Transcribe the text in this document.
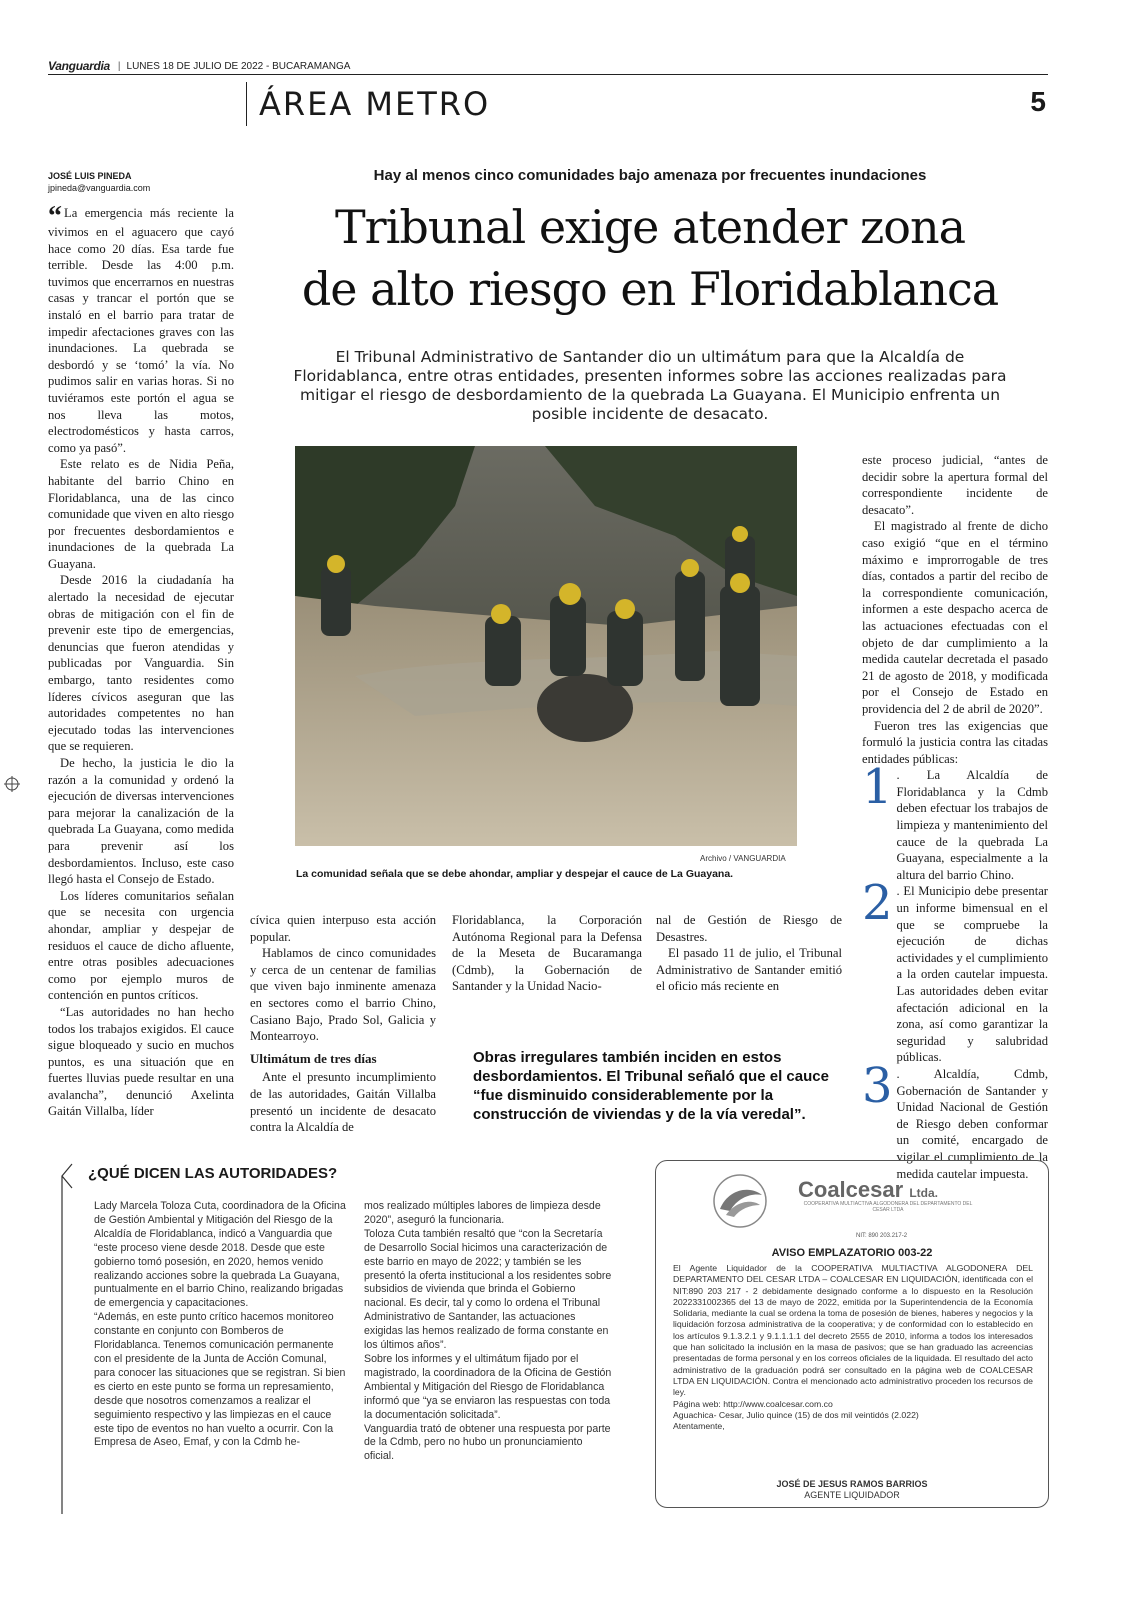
Vanguardia | LUNES 18 DE JULIO DE 2022 - BUCARAMANGA
ÁREA METRO	5
JOSÉ LUIS PINEDA
jpineda@vanguardia.com
Hay al menos cinco comunidades bajo amenaza por frecuentes inundaciones
Tribunal exige atender zona
de alto riesgo en Floridablanca
El Tribunal Administrativo de Santander dio un ultimátum para que la Alcaldía de Floridablanca, entre otras entidades, presenten informes sobre las acciones realizadas para mitigar el riesgo de desbordamiento de la quebrada La Guayana. El Municipio enfrenta un posible incidente de desacato.

“ La emergencia más reciente la vivimos en el aguacero que cayó hace como 20 días. Esa tarde fue terrible. Desde las 4:00 p.m. tuvimos que encerrarnos en nuestras casas y trancar el portón que se instaló en el barrio para tratar de impedir afectaciones graves con las inundaciones. La quebrada se desbordó y se ‘tomó’ la vía. No pudimos salir en varias horas. Si no tuviéramos este portón el agua se nos lleva las motos, electrodomésticos y hasta carros, como ya pasó”.

Este relato es de Nidia Peña, habitante del barrio Chino en Floridablanca, una de las cinco comunidade que viven en alto riesgo por frecuentes desbordamientos e inundaciones de la quebrada La Guayana.

Desde 2016 la ciudadanía ha alertado la necesidad de ejecutar obras de mitigación con el fin de prevenir este tipo de emergencias, denuncias que fueron atendidas y publicadas por Vanguardia. Sin embargo, tanto residentes como líderes cívicos aseguran que las autoridades competentes no han ejecutado todas las intervenciones que se requieren.

De hecho, la justicia le dio la razón a la comunidad y ordenó la ejecución de diversas intervenciones para mejorar la canalización de la quebrada La Guayana, como medida para prevenir así los desbordamientos. Incluso, este caso llegó hasta el Consejo de Estado.

Los líderes comunitarios señalan que se necesita con urgencia ahondar, ampliar y despejar de residuos el cauce de dicho afluente, entre otras posibles adecuaciones como por ejemplo muros de contención en puntos críticos.

“Las autoridades no han hecho todos los trabajos exigidos. El cauce sigue bloqueado y sucio en muchos puntos, es una situación que en fuertes lluvias puede resultar en una avalancha”, denunció Axelinta Gaitán Villalba, líder

Archivo / VANGUARDIA
La comunidad señala que se debe ahondar, ampliar y despejar el cauce de La Guayana.

cívica quien interpuso esta acción popular.

Hablamos de cinco comunidades y cerca de un centenar de familias que viven bajo inminente amenaza en sectores como el barrio Chino, Casiano Bajo, Prado Sol, Galicia y Montearroyo.

Ultimátum de tres días

Ante el presunto incumplimiento de las autoridades, Gaitán Villalba presentó un incidente de desacato contra la Alcaldía de

Floridablanca, la Corporación Autónoma Regional para la Defensa de la Meseta de Bucaramanga (Cdmb), la Gobernación de Santander y la Unidad Nacio-

nal de Gestión de Riesgo de Desastres.

El pasado 11 de julio, el Tribunal Administrativo de Santander emitió el oficio más reciente en

Obras irregulares también inciden en estos desbordamientos. El Tribunal señaló que el cauce “fue disminuido considerablemente por la construcción de viviendas y de la vía veredal”.

este proceso judicial, “antes de decidir sobre la apertura formal del correspondiente incidente de desacato”.

El magistrado al frente de dicho caso exigió “que en el término máximo e improrrogable de tres días, contados a partir del recibo de la correspondiente comunicación, informen a este despacho acerca de las actuaciones efectuadas con el objeto de dar cumplimiento a la medida cautelar decretada el pasado 21 de agosto de 2018, y modificada por el Consejo de Estado en providencia del 2 de abril de 2020”.

Fueron tres las exigencias que formuló la justicia contra las citadas entidades públicas:

1 . La Alcaldía de Floridablanca y la Cdmb deben efectuar los trabajos de limpieza y mantenimiento del cauce de la quebrada La Guayana, especialmente a la altura del barrio Chino.
2 . El Municipio debe presentar un informe bimensual en el que se compruebe la ejecución de dichas actividades y el cumplimiento a la orden cautelar impuesta. Las autoridades deben evitar afectación adicional en la zona, así como garantizar la seguridad y salubridad públicas.
3 . Alcaldía, Cdmb, Gobernación de Santander y Unidad Nacional de Gestión de Riesgo deben conformar un comité, encargado de vigilar el cumplimiento de la medida cautelar impuesta.
¿QUÉ DICEN LAS AUTORIDADES?

Lady Marcela Toloza Cuta, coordinadora de la Oficina de Gestión Ambiental y Mitigación del Riesgo de la Alcaldía de Floridablanca, indicó a Vanguardia que “este proceso viene desde 2018. Desde que este gobierno tomó posesión, en 2020, hemos venido realizando acciones sobre la quebrada La Guayana, puntualmente en el barrio Chino, realizando brigadas de emergencia y capacitaciones.

“Además, en este punto crítico hacemos monitoreo constante en conjunto con Bomberos de Floridablanca. Tenemos comunicación permanente con el presidente de la Junta de Acción Comunal, para conocer las situaciones que se registran. Si bien es cierto en este punto se forma un represamiento, desde que nosotros comenzamos a realizar el seguimiento respectivo y las limpiezas en el cauce este tipo de eventos no han vuelto a ocurrir. Con la Empresa de Aseo, Emaf, y con la Cdmb he-

mos realizado múltiples labores de limpieza desde 2020”, aseguró la funcionaria.

Toloza Cuta también resaltó que “con la Secretaría de Desarrollo Social hicimos una caracterización de este barrio en mayo de 2022; y también se les presentó la oferta institucional a los residentes sobre subsidios de vivienda que brinda el Gobierno nacional. Es decir, tal y como lo ordena el Tribunal Administrativo de Santander, las actuaciones exigidas las hemos realizado de forma constante en los últimos años”.

Sobre los informes y el ultimátum fijado por el magistrado, la coordinadora de la Oficina de Gestión Ambiental y Mitigación del Riesgo de Floridablanca informó que “ya se enviaron las respuestas con toda la documentación solicitada”.

Vanguardia trató de obtener una respuesta por parte de la Cdmb, pero no hubo un pronunciamiento oficial.

Coalcesar Ltda.
COOPERATIVA MULTIACTIVA ALGODONERA DEL DEPARTAMENTO DEL CESAR LTDA
NIT: 890 203.217-2
AVISO EMPLAZATORIO 003-22
El Agente Liquidador de la COOPERATIVA MULTIACTIVA ALGODONERA DEL DEPARTAMENTO DEL CESAR LTDA – COALCESAR EN LIQUIDACIÓN, identificada con el NIT:890 203 217 - 2 debidamente designado conforme a lo dispuesto en la Resolución 2022331002365 del 13 de mayo de 2022, emitida por la Superintendencia de la Economía Solidaria, mediante la cual se ordena la toma de posesión de bienes, haberes y negocios y la liquidación forzosa administrativa de la cooperativa; y de conformidad con lo establecido en los artículos 9.1.3.2.1 y 9.1.1.1.1 del decreto 2555 de 2010, informa a todos los interesados que han solicitado la inclusión en la masa de pasivos; que se han graduado las acreencias presentadas de forma personal y en los correos oficiales de la liquidada. El resultado del acto administrativo de la graduación podrá ser consultado en la página web de COALCESAR LTDA EN LIQUIDACIÓN. Contra el mencionado acto administrativo proceden los recursos de ley.
Página web: http://www.coalcesar.com.co
Aguachica- Cesar, Julio quince (15) de dos mil veintidós (2.022)
Atentamente,
JOSÉ DE JESUS RAMOS BARRIOS
AGENTE LIQUIDADOR
